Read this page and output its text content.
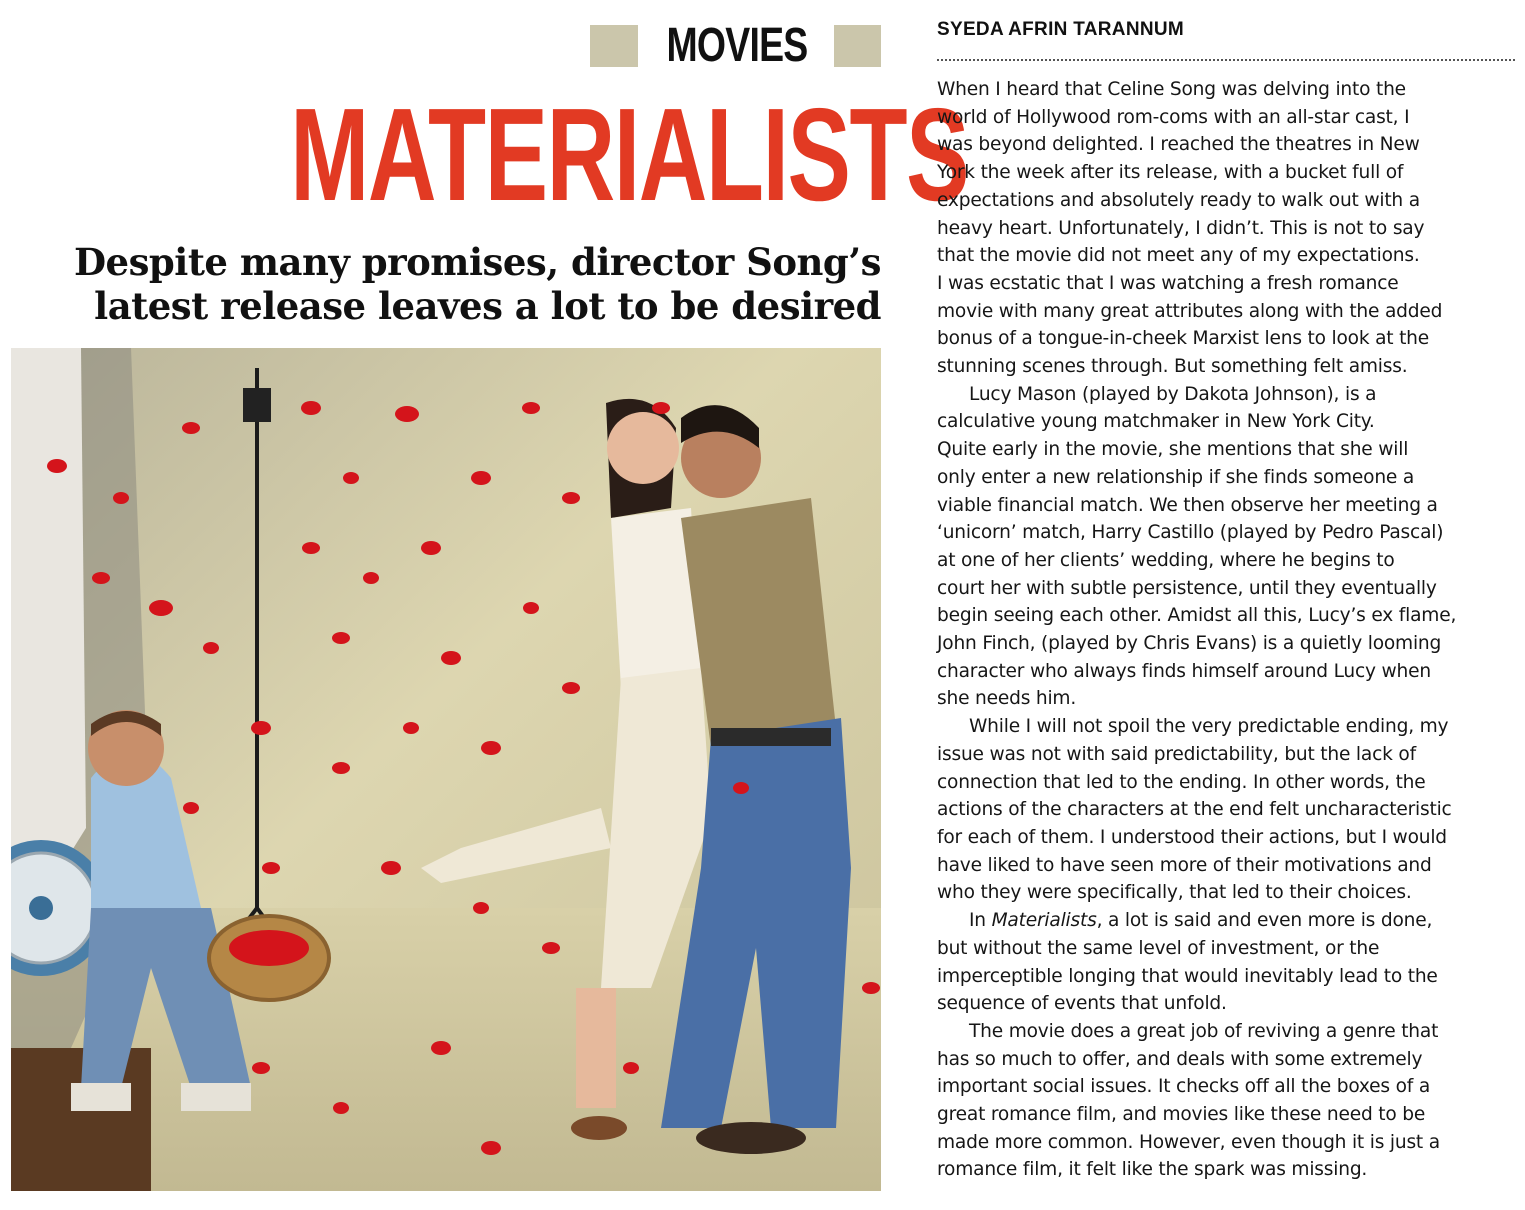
MOVIES
MATERIALISTS
Despite many promises, director Song’s
latest release leaves a lot to be desired
SYEDA AFRIN TARANNUM

When I heard that Celine Song was delving into the
world of Hollywood rom-coms with an all-star cast, I
was beyond delighted. I reached the theatres in New
York the week after its release, with a bucket full of
expectations and absolutely ready to walk out with a
heavy heart. Unfortunately, I didn’t. This is not to say
that the movie did not meet any of my expectations.
I was ecstatic that I was watching a fresh romance
movie with many great attributes along with the added
bonus of a tongue-in-cheek Marxist lens to look at the
stunning scenes through. But something felt amiss.

Lucy Mason (played by Dakota Johnson), is a
calculative young matchmaker in New York City.
Quite early in the movie, she mentions that she will
only enter a new relationship if she finds someone a
viable financial match. We then observe her meeting a
‘unicorn’ match, Harry Castillo (played by Pedro Pascal)
at one of her clients’ wedding, where he begins to
court her with subtle persistence, until they eventually
begin seeing each other. Amidst all this, Lucy’s ex flame,
John Finch, (played by Chris Evans) is a quietly looming
character who always finds himself around Lucy when
she needs him.

While I will not spoil the very predictable ending, my
issue was not with said predictability, but the lack of
connection that led to the ending. In other words, the
actions of the characters at the end felt uncharacteristic
for each of them. I understood their actions, but I would
have liked to have seen more of their motivations and
who they were specifically, that led to their choices.

In Materialists, a lot is said and even more is done,
but without the same level of investment, or the
imperceptible longing that would inevitably lead to the
sequence of events that unfold.

The movie does a great job of reviving a genre that
has so much to offer, and deals with some extremely
important social issues. It checks off all the boxes of a
great romance film, and movies like these need to be
made more common. However, even though it is just a
romance film, it felt like the spark was missing.
